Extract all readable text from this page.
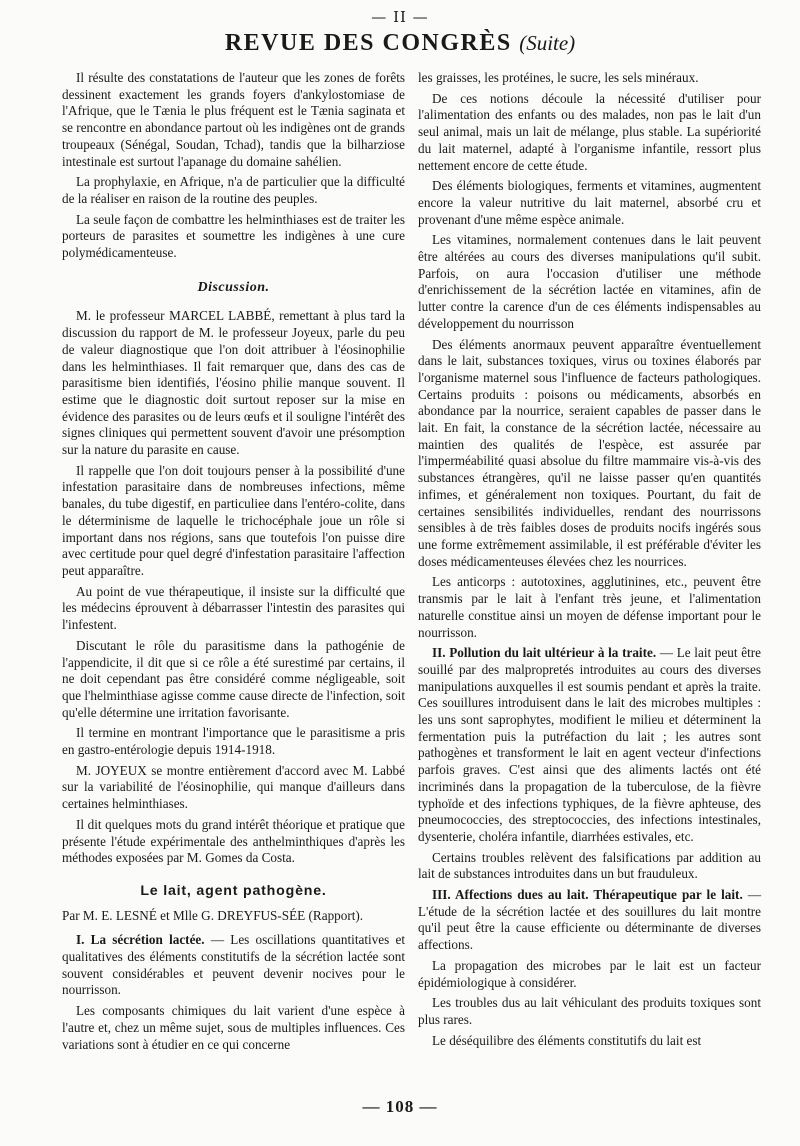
— II —
REVUE DES CONGRÈS (Suite)

Il résulte des constatations de l'auteur que les zones de forêts dessinent exactement les grands foyers d'ankylostomiase de l'Afrique, que le Tænia le plus fréquent est le Tænia saginata et se rencontre en abondance partout où les indigènes ont de grands troupeaux (Sénégal, Soudan, Tchad), tandis que la bilharziose intestinale est surtout l'apanage du domaine sahélien.

La prophylaxie, en Afrique, n'a de particulier que la difficulté de la réaliser en raison de la routine des peuples.

La seule façon de combattre les helminthiases est de traiter les porteurs de parasites et soumettre les indigènes à une cure polymédicamenteuse.

Discussion.

M. le professeur MARCEL LABBÉ, remettant à plus tard la discussion du rapport de M. le professeur Joyeux, parle du peu de valeur diagnostique que l'on doit attribuer à l'éosinophilie dans les helminthiases. Il fait remarquer que, dans des cas de parasitisme bien identifiés, l'éosino philie manque souvent. Il estime que le diagnostic doit surtout reposer sur la mise en évidence des parasites ou de leurs œufs et il souligne l'intérêt des signes cliniques qui permettent souvent d'avoir une présomption sur la nature du parasite en cause.

Il rappelle que l'on doit toujours penser à la possibilité d'une infestation parasitaire dans de nombreuses infections, même banales, du tube digestif, en particuliee dans l'entéro-colite, dans le déterminisme de laquelle le trichocéphale joue un rôle si important dans nos régions, sans que toutefois l'on puisse dire avec certitude pour quel degré d'infestation parasitaire l'affection peut apparaître.

Au point de vue thérapeutique, il insiste sur la difficulté que les médecins éprouvent à débarrasser l'intestin des parasites qui l'infestent.

Discutant le rôle du parasitisme dans la pathogénie de l'appendicite, il dit que si ce rôle a été surestimé par certains, il ne doit cependant pas être considéré comme négligeable, soit que l'helminthiase agisse comme cause directe de l'infection, soit qu'elle détermine une irritation favorisante.

Il termine en montrant l'importance que le parasitisme a pris en gastro-entérologie depuis 1914-1918.

M. JOYEUX se montre entièrement d'accord avec M. Labbé sur la variabilité de l'éosinophilie, qui manque d'ailleurs dans certaines helminthiases.

Il dit quelques mots du grand intérêt théorique et pratique que présente l'étude expérimentale des anthelminthiques d'après les méthodes exposées par M. Gomes da Costa.

Le lait, agent pathogène.

Par M. E. LESNÉ et Mlle G. DREYFUS-SÉE (Rapport).

I. La sécrétion lactée. — Les oscillations quantitatives et qualitatives des éléments constitutifs de la sécrétion lactée sont souvent considérables et peuvent devenir nocives pour le nourrisson.

Les composants chimiques du lait varient d'une espèce à l'autre et, chez un même sujet, sous de multiples influences. Ces variations sont à étudier en ce qui concerne

les graisses, les protéines, le sucre, les sels minéraux.

De ces notions découle la nécessité d'utiliser pour l'alimentation des enfants ou des malades, non pas le lait d'un seul animal, mais un lait de mélange, plus stable. La supériorité du lait maternel, adapté à l'organisme infantile, ressort plus nettement encore de cette étude.

Des éléments biologiques, ferments et vitamines, augmentent encore la valeur nutritive du lait maternel, absorbé cru et provenant d'une même espèce animale.

Les vitamines, normalement contenues dans le lait peuvent être altérées au cours des diverses manipulations qu'il subit. Parfois, on aura l'occasion d'utiliser une méthode d'enrichissement de la sécrétion lactée en vitamines, afin de lutter contre la carence d'un de ces éléments indispensables au développement du nourrisson

Des éléments anormaux peuvent apparaître éventuellement dans le lait, substances toxiques, virus ou toxines élaborés par l'organisme maternel sous l'influence de facteurs pathologiques. Certains produits : poisons ou médicaments, absorbés en abondance par la nourrice, seraient capables de passer dans le lait. En fait, la constance de la sécrétion lactée, nécessaire au maintien des qualités de l'espèce, est assurée par l'imperméabilité quasi absolue du filtre mammaire vis-à-vis des substances étrangères, qu'il ne laisse passer qu'en quantités infimes, et généralement non toxiques. Pourtant, du fait de certaines sensibilités individuelles, rendant des nourrissons sensibles à de très faibles doses de produits nocifs ingérés sous une forme extrêmement assimilable, il est préférable d'éviter les doses médicamenteuses élevées chez les nourrices.

Les anticorps : autotoxines, agglutinines, etc., peuvent être transmis par le lait à l'enfant très jeune, et l'alimentation naturelle constitue ainsi un moyen de défense important pour le nourrisson.

II. Pollution du lait ultérieur à la traite. — Le lait peut être souillé par des malpropretés introduites au cours des diverses manipulations auxquelles il est soumis pendant et après la traite. Ces souillures introduisent dans le lait des microbes multiples : les uns sont saprophytes, modifient le milieu et déterminent la fermentation puis la putréfaction du lait ; les autres sont pathogènes et transforment le lait en agent vecteur d'infections parfois graves. C'est ainsi que des aliments lactés ont été incriminés dans la propagation de la tuberculose, de la fièvre typhoïde et des infections typhiques, de la fièvre aphteuse, des pneumococcies, des streptococcies, des infections intestinales, dysenterie, choléra infantile, diarrhées estivales, etc.

Certains troubles relèvent des falsifications par addition au lait de substances introduites dans un but frauduleux.

III. Affections dues au lait. Thérapeutique par le lait. — L'étude de la sécrétion lactée et des souillures du lait montre qu'il peut être la cause efficiente ou déterminante de diverses affections.

La propagation des microbes par le lait est un facteur épidémiologique à considérer.

Les troubles dus au lait véhiculant des produits toxiques sont plus rares.

Le déséquilibre des éléments constitutifs du lait est

— 108 —
